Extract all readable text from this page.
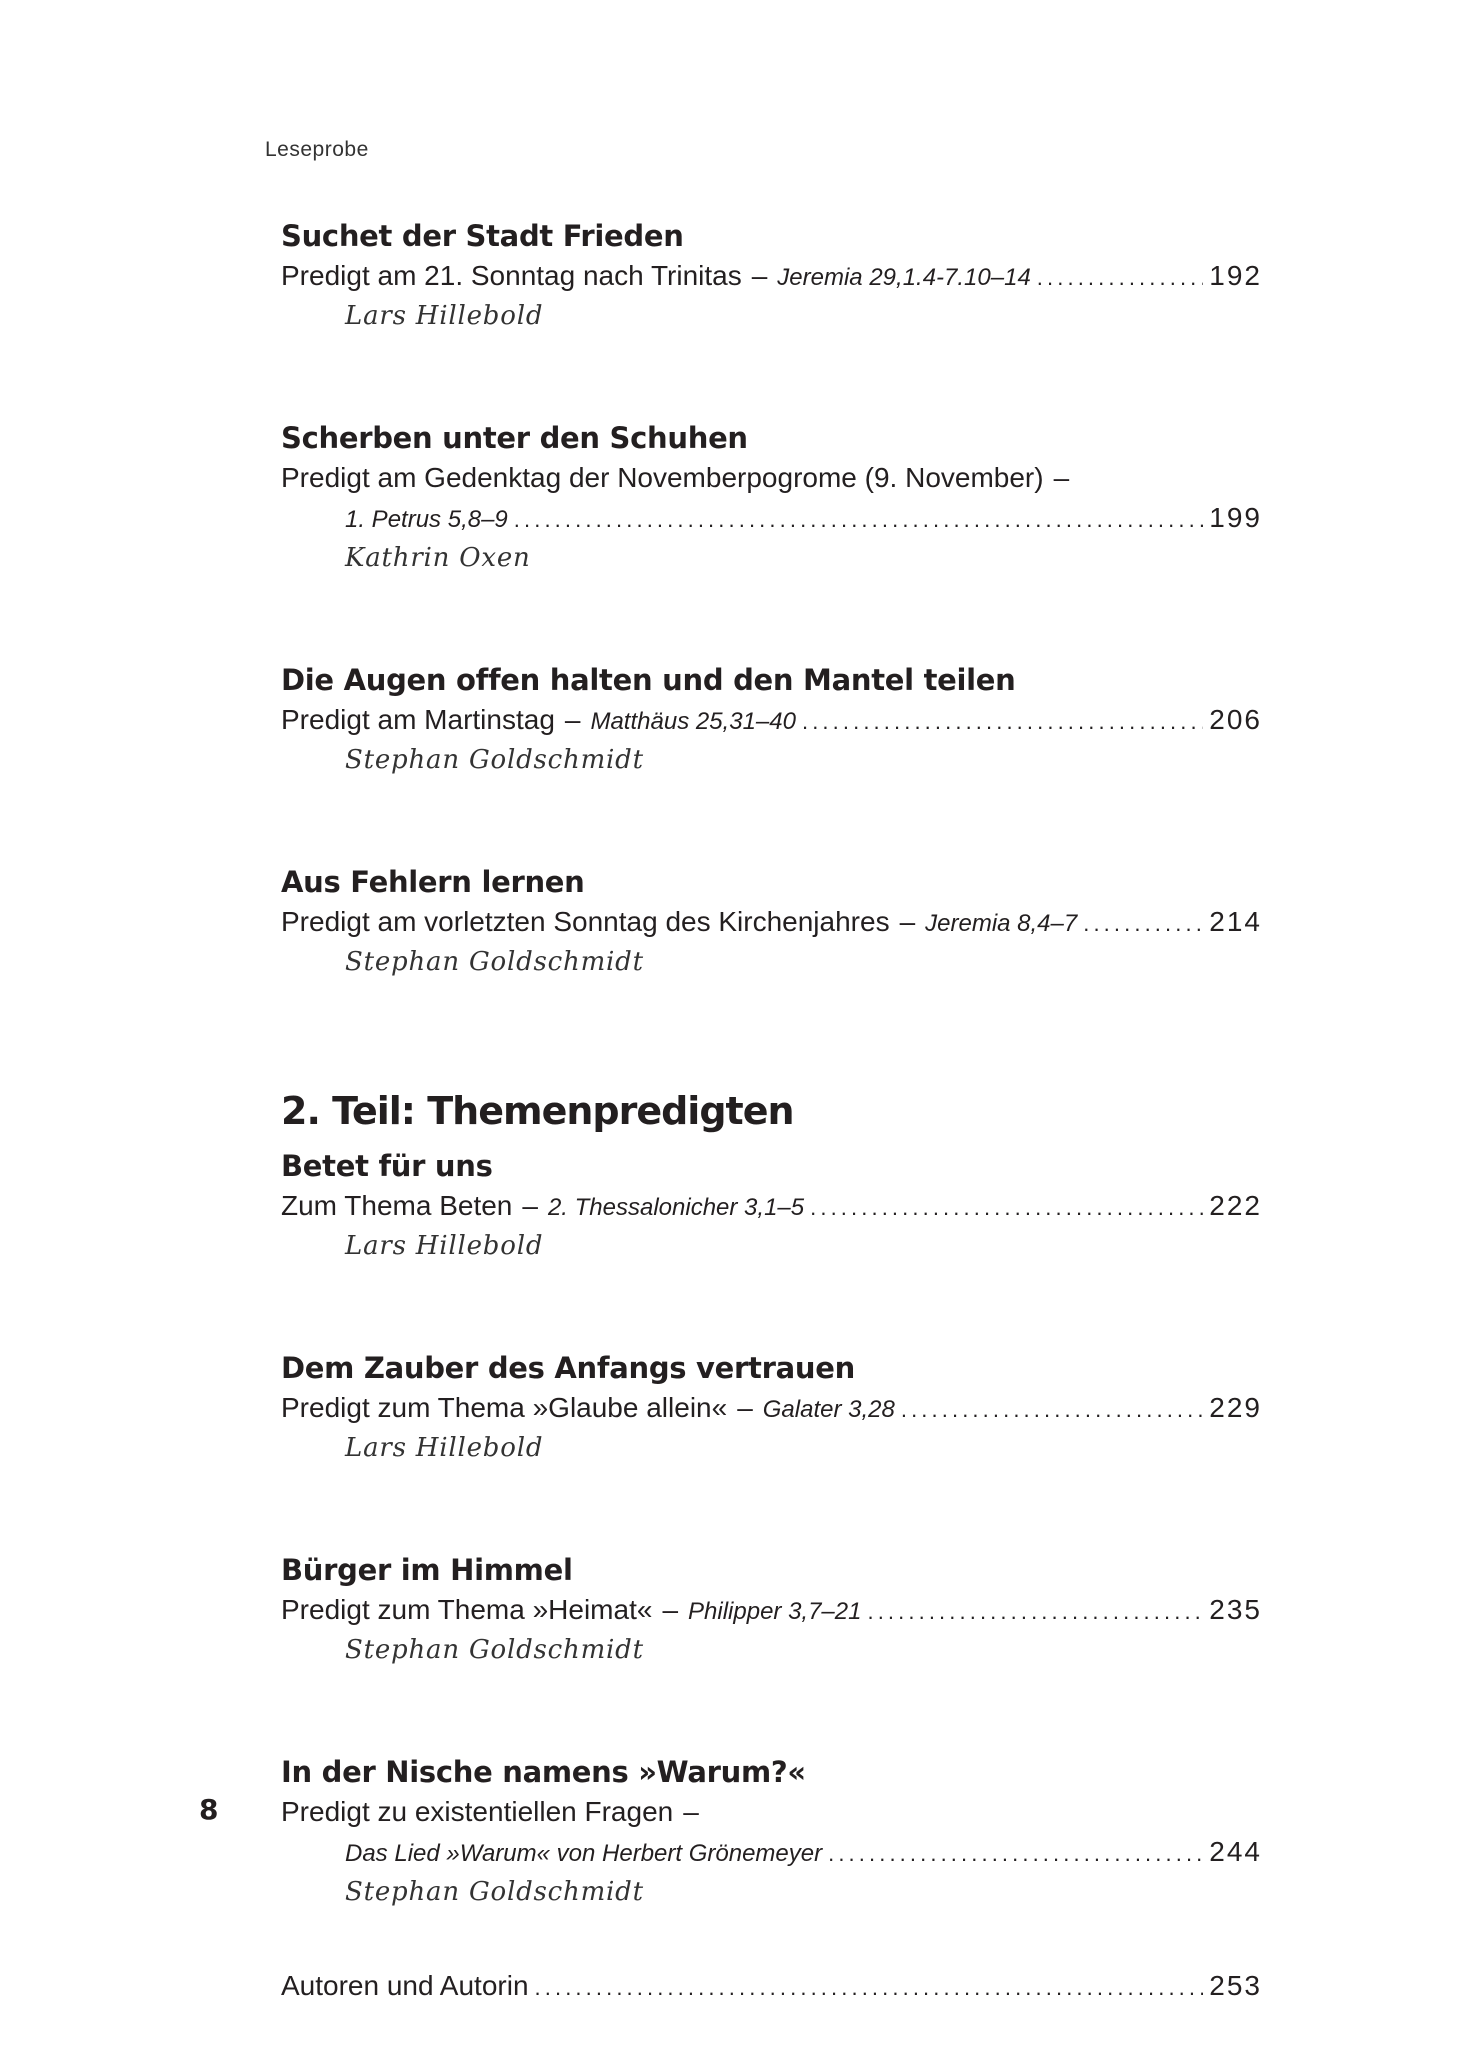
Leseprobe
Suchet der Stadt Frieden
Predigt am 21. Sonntag nach Trinitas – Jeremia 29,1.4-7.10–14 . . .	192
Lars Hillebold
Scherben unter den Schuhen
Predigt am Gedenktag der Novemberpogrome (9. November) –
1. Petrus 5,8–9 . . .	199
Kathrin Oxen
Die Augen offen halten und den Mantel teilen
Predigt am Martinstag – Matthäus 25,31–40 . . .	206
Stephan Goldschmidt
Aus Fehlern lernen
Predigt am vorletzten Sonntag des Kirchenjahres – Jeremia 8,4–7 . . .	214
Stephan Goldschmidt
2. Teil: Themenpredigten
Betet für uns
Zum Thema Beten – 2. Thessalonicher 3,1–5 . . .	222
Lars Hillebold
Dem Zauber des Anfangs vertrauen
Predigt zum Thema »Glaube allein« – Galater 3,28 . . .	229
Lars Hillebold
Bürger im Himmel
Predigt zum Thema »Heimat« – Philipper 3,7–21 . . .	235
Stephan Goldschmidt
In der Nische namens »Warum?«
Predigt zu existentiellen Fragen –
Das Lied »Warum« von Herbert Grönemeyer . . .	244
Stephan Goldschmidt
Autoren und Autorin . . .	253
8
